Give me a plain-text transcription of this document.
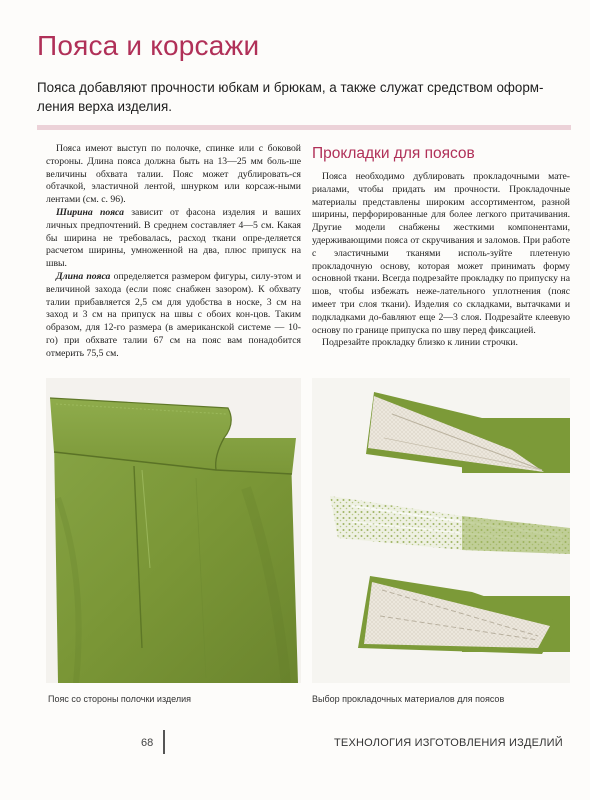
Пояса и корсажи
Пояса добавляют прочности юбкам и брюкам, а также служат средством оформ-ления верха изделия.

Пояса имеют выступ по полочке, спинке или с боковой стороны. Длина пояса должна быть на 13—25 мм боль-ше величины обхвата талии. Пояс может дублировать-ся обтачкой, эластичной лентой, шнурком или корсаж-ными лентами (см. с. 96).

Ширина пояса зависит от фасона изделия и ваших личных предпочтений. В среднем составляет 4—5 см. Какая бы ширина не требовалась, расход ткани опре-деляется расчетом ширины, умноженной на два, плюс припуск на швы.

Длина пояса определяется размером фигуры, силу-этом и величиной захода (если пояс снабжен зазором). К обхвату талии прибавляется 2,5 см для удобства в носке, 3 см на заход и 3 см на припуск на швы с обоих кон-цов. Таким образом, для 12-го размера (в американской системе — 10-го) при обхвате талии 67 см на пояс вам понадобится отмерить 75,5 см.

Прокладки для поясов

Пояса необходимо дублировать прокладочными мате-риалами, чтобы придать им прочности. Прокладочные материалы представлены широким ассортиментом, разной ширины, перфорированные для более легкого притачивания. Другие модели снабжены жесткими компонентами, удерживающими пояса от скручивания и заломов. При работе с эластичными тканями исполь-зуйте плетеную прокладочную основу, которая может принимать форму основной ткани. Всегда подрезайте прокладку по припуску на шов, чтобы избежать неже-лательного уплотнения (пояс имеет три слоя ткани). Изделия со складками, вытачками и подкладками до-бавляют еще 2—3 слоя. Подрезайте клеевую основу по границе припуска по шву перед фиксацией.

Подрезайте прокладку близко к линии строчки.

Пояс со стороны полочки изделия	Выбор прокладочных материалов для поясов
68	ТЕХНОЛОГИЯ ИЗГОТОВЛЕНИЯ ИЗДЕЛИЙ
